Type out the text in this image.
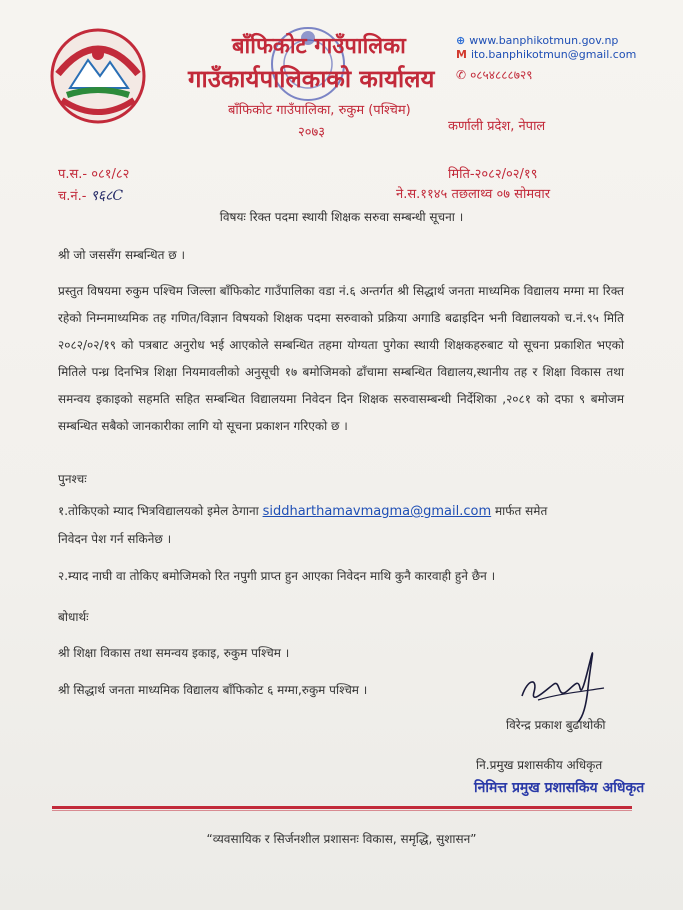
बाँफिकोट गाउँपालिका
गाउँकार्यपालिकाको कार्यालय
बाँफिकोट गाउँपालिका, रुकुम (पश्चिम)
२०७३
⊕ www.banphikotmun.gov.np
M ito.banphikotmun@gmail.com
✆ ०८५४८८८७२९
कर्णाली प्रदेश, नेपाल
प.स.- ०८१/८२
च.नं.- ९६८C
मिति-२०८२/०२/१९
ने.स.११४५ तछलाथ्व ०७ सोमवार
विषयः रिक्त पदमा स्थायी शिक्षक सरुवा सम्बन्धी सूचना ।
श्री जो जससँग सम्बन्धित छ ।
प्रस्तुत विषयमा रुकुम पश्चिम जिल्ला बाँफिकोट गाउँपालिका वडा नं.६ अन्तर्गत श्री सिद्धार्थ जनता माध्यमिक विद्यालय मग्मा मा रिक्त रहेको निम्नमाध्यमिक तह गणित/विज्ञान विषयको शिक्षक पदमा सरुवाको प्रक्रिया अगाडि बढाइदिन भनी विद्यालयको च.नं.९५ मिति २०८२/०२/१९ को पत्रबाट अनुरोध भई आएकोले सम्बन्धित तहमा योग्यता पुगेका स्थायी शिक्षकहरुबाट यो सूचना प्रकाशित भएको मितिले पन्ध्र दिनभित्र शिक्षा नियमावलीको अनुसूची १७ बमोजिमको ढाँचामा सम्बन्धित विद्यालय,स्थानीय तह र शिक्षा विकास तथा समन्वय इकाइको सहमति सहित सम्बन्धित विद्यालयमा निवेदन दिन शिक्षक सरुवासम्बन्धी निर्देशिका ,२०८१ को दफा ९ बमोजम सम्बन्धित सबैको जानकारीका लागि यो सूचना प्रकाशन गरिएको छ ।
पुनश्चः
१.तोकिएको म्याद भित्रविद्यालयको इमेल ठेगाना siddharthamavmagma@gmail.com मार्फत समेत
निवेदन पेश गर्न सकिनेछ ।
२.म्याद नाघी वा तोकिए बमोजिमको रित नपुगी प्राप्त हुन आएका निवेदन माथि कुनै कारवाही हुने छैन ।
बोधार्थः
श्री शिक्षा विकास तथा समन्वय इकाइ, रुकुम पश्चिम ।
श्री सिद्धार्थ जनता माध्यमिक विद्यालय बाँफिकोट ६ मग्मा,रुकुम पश्चिम ।
विरेन्द्र प्रकाश बुढाथोकी
नि.प्रमुख प्रशासकीय अधिकृत
निमित्त प्रमुख प्रशासकिय अधिकृत
“व्यवसायिक र सिर्जनशील प्रशासनः विकास, समृद्धि, सुशासन”
